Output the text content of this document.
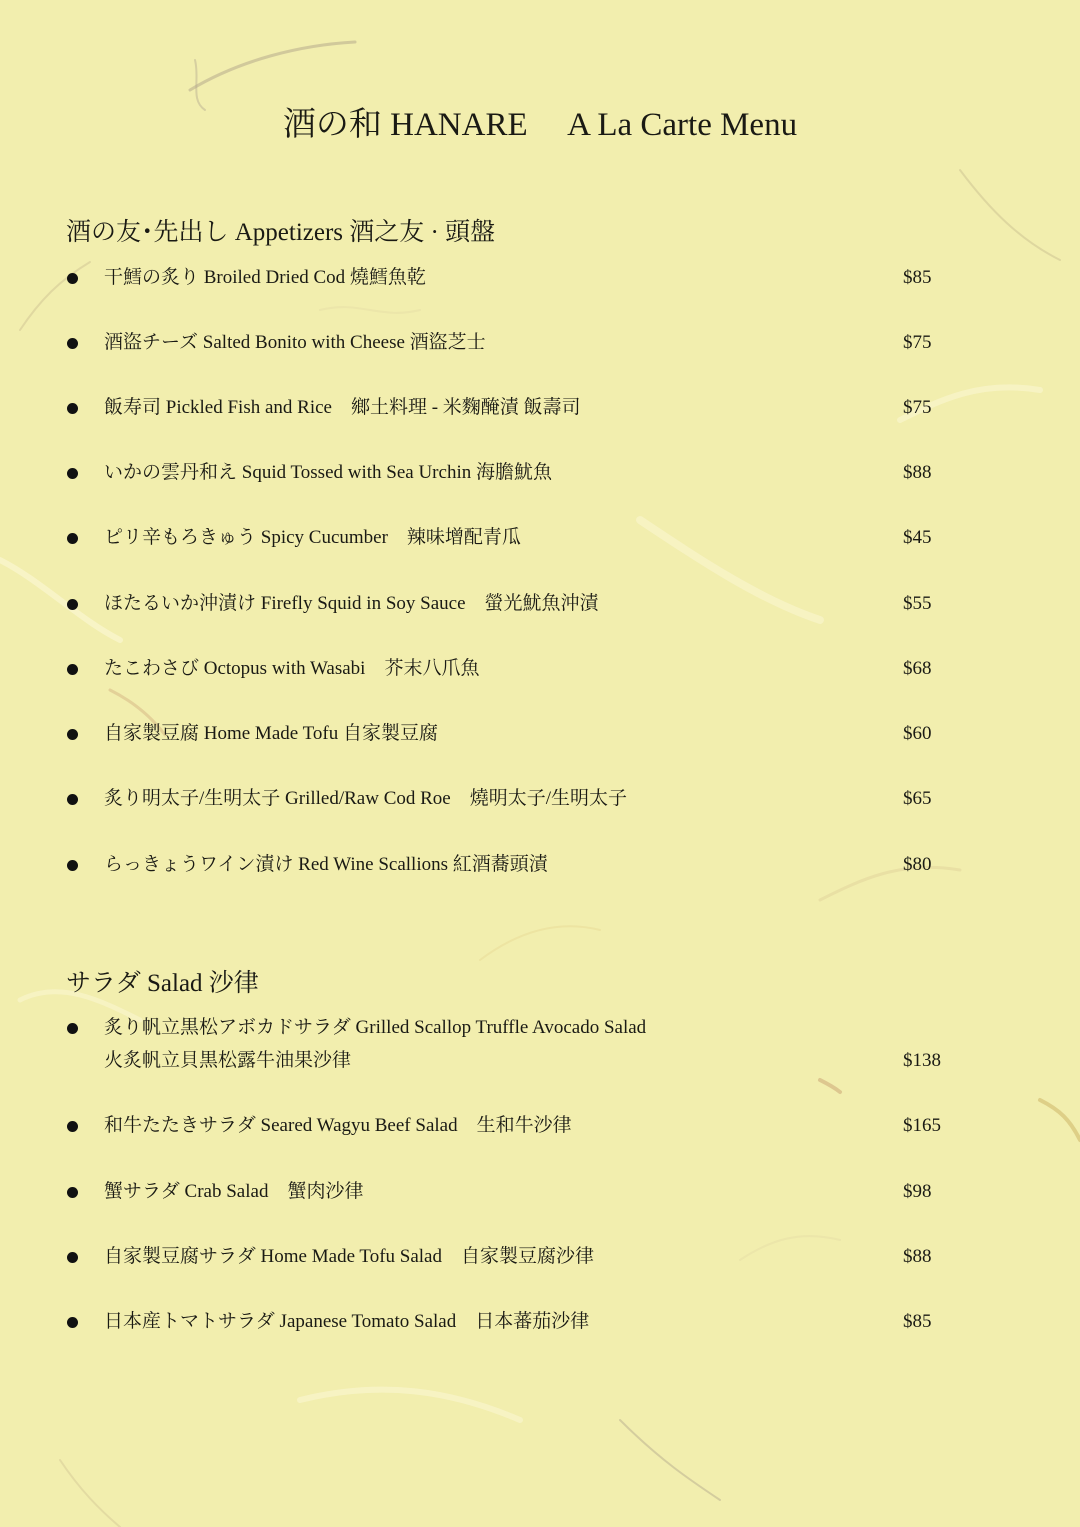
酒の和 HANARE　 A La Carte Menu
酒の友･先出し Appetizers 酒之友 · 頭盤
干鱈の炙り Broiled Dried Cod 燒鱈魚乾	$85
酒盜チーズ Salted Bonito with Cheese 酒盜芝士	$75
飯寿司 Pickled Fish and Rice　鄉土料理 - 米麴醃漬 飯壽司	$75
いかの雲丹和え Squid Tossed with Sea Urchin 海膽魷魚	$88
ピリ辛もろきゅう Spicy Cucumber　辣味增配青瓜	$45
ほたるいか沖漬け Firefly Squid in Soy Sauce　螢光魷魚沖漬	$55
たこわさび Octopus with Wasabi　芥末八爪魚	$68
自家製豆腐 Home Made Tofu 自家製豆腐	$60
炙り明太子/生明太子 Grilled/Raw Cod Roe　燒明太子/生明太子	$65
らっきょうワイン漬け Red Wine Scallions 紅酒蕎頭漬	$80
サラダ Salad 沙律
炙り帆立黒松アボカドサラダ Grilled Scallop Truffle Avocado Salad
火炙帆立貝黒松露牛油果沙律	$138
和牛たたきサラダ Seared Wagyu Beef Salad　生和牛沙律	$165
蟹サラダ Crab Salad　蟹肉沙律	$98
自家製豆腐サラダ Home Made Tofu Salad　自家製豆腐沙律	$88
日本産トマトサラダ Japanese Tomato Salad　日本蕃茄沙律	$85
